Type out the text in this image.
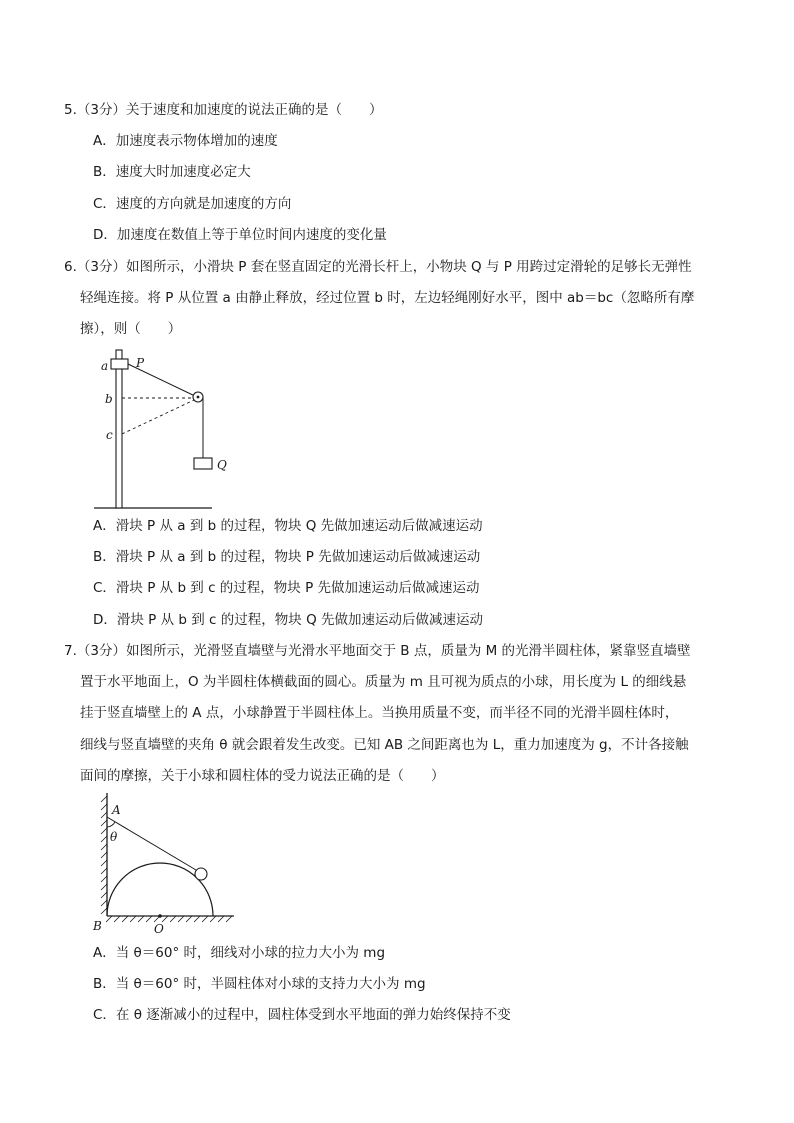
5.（3分）关于速度和加速度的说法正确的是（　　）
A．加速度表示物体增加的速度
B．速度大时加速度必定大
C．速度的方向就是加速度的方向
D．加速度在数值上等于单位时间内速度的变化量
6.（3分）如图所示，小滑块 P 套在竖直固定的光滑长杆上，小物块 Q 与 P 用跨过定滑轮的足够长无弹性
轻绳连接。将 P 从位置 a 由静止释放，经过位置 b 时，左边轻绳刚好水平，图中 ab＝bc（忽略所有摩
擦），则（　　）
a P
b
c
Q
A．滑块 P 从 a 到 b 的过程，物块 Q 先做加速运动后做减速运动
B．滑块 P 从 a 到 b 的过程，物块 P 先做加速运动后做减速运动
C．滑块 P 从 b 到 c 的过程，物块 P 先做加速运动后做减速运动
D．滑块 P 从 b 到 c 的过程，物块 Q 先做加速运动后做减速运动
7.（3分）如图所示，光滑竖直墙壁与光滑水平地面交于 B 点，质量为 M 的光滑半圆柱体，紧靠竖直墙壁
置于水平地面上，O 为半圆柱体横截面的圆心。质量为 m 且可视为质点的小球，用长度为 L 的细线悬
挂于竖直墙壁上的 A 点，小球静置于半圆柱体上。当换用质量不变，而半径不同的光滑半圆柱体时，
细线与竖直墙壁的夹角 θ 就会跟着发生改变。已知 AB 之间距离也为 L，重力加速度为 g，不计各接触
面间的摩擦，关于小球和圆柱体的受力说法正确的是（　　）
A
θ
B	O
A．当 θ＝60° 时，细线对小球的拉力大小为 mg
B．当 θ＝60° 时，半圆柱体对小球的支持力大小为 mg
C．在 θ 逐渐减小的过程中，圆柱体受到水平地面的弹力始终保持不变
